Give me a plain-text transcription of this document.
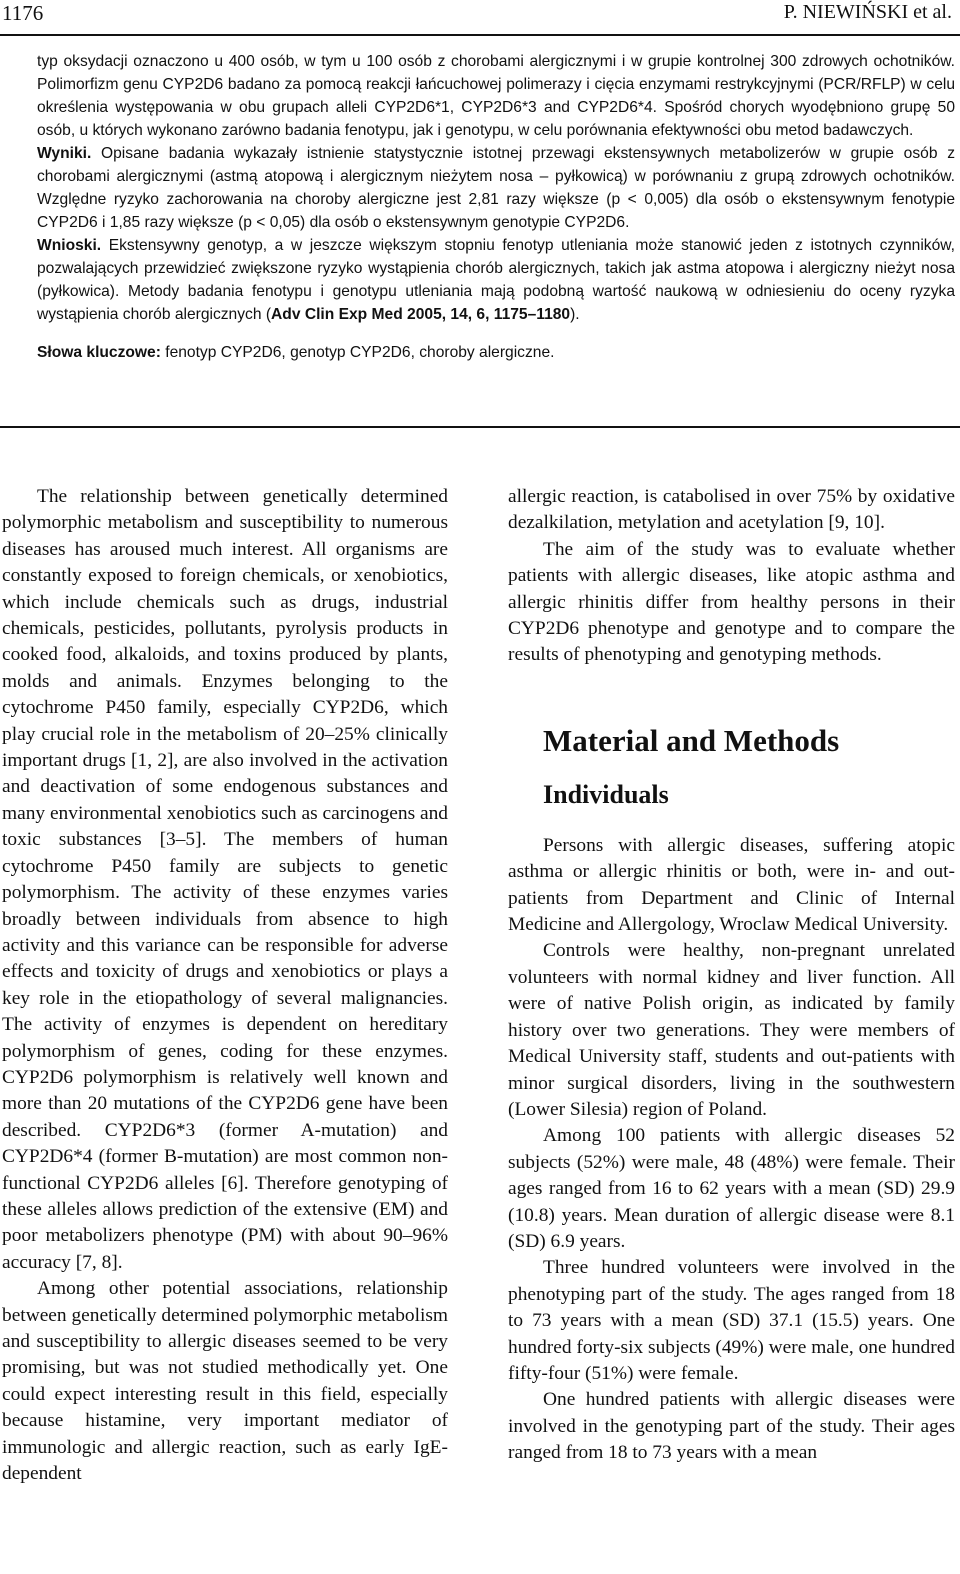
1176	P. NIEWIŃSKI et al.

typ oksydacji oznaczono u 400 osób, w tym u 100 osób z chorobami alergicznymi i w grupie kontrolnej 300 zdrowych ochotników. Polimorfizm genu CYP2D6 badano za pomocą reakcji łańcuchowej polimerazy i cięcia enzymami restrykcyjnymi (PCR/RFLP) w celu określenia występowania w obu grupach alleli CYP2D6*1, CYP2D6*3 and CYP2D6*4. Spośród chorych wyodębniono grupę 50 osób, u których wykonano zarówno badania fenotypu, jak i genotypu, w celu porównania efektywności obu metod badawczych.

Wyniki. Opisane badania wykazały istnienie statystycznie istotnej przewagi ekstensywnych metabolizerów w grupie osób z chorobami alergicznymi (astmą atopową i alergicznym nieżytem nosa – pyłkowicą) w porównaniu z grupą zdrowych ochotników. Względne ryzyko zachorowania na choroby alergiczne jest 2,81 razy większe (p < 0,005) dla osób o ekstensywnym fenotypie CYP2D6 i 1,85 razy większe (p < 0,05) dla osób o ekstensywnym genotypie CYP2D6.

Wnioski. Ekstensywny genotyp, a w jeszcze większym stopniu fenotyp utleniania może stanowić jeden z istotnych czynników, pozwalających przewidzieć zwiększone ryzyko wystąpienia chorób alergicznych, takich jak astma atopowa i alergiczny nieżyt nosa (pyłkowica). Metody badania fenotypu i genotypu utleniania mają podobną wartość naukową w odniesieniu do oceny ryzyka wystąpienia chorób alergicznych (Adv Clin Exp Med 2005, 14, 6, 1175–1180).

Słowa kluczowe: fenotyp CYP2D6, genotyp CYP2D6, choroby alergiczne.

The relationship between genetically determined polymorphic metabolism and susceptibility to numerous diseases has aroused much interest. All organisms are constantly exposed to foreign chemicals, or xenobiotics, which include chemicals such as drugs, industrial chemicals, pesticides, pollutants, pyrolysis products in cooked food, alkaloids, and toxins produced by plants, molds and animals. Enzymes belonging to the cytochrome P450 family, especially CYP2D6, which play crucial role in the metabolism of 20–25% clinically important drugs [1, 2], are also involved in the activation and deactivation of some endogenous substances and many environmental xenobiotics such as carcinogens and toxic substances [3–5]. The members of human cytochrome P450 family are subjects to genetic polymorphism. The activity of these enzymes varies broadly between individuals from absence to high activity and this variance can be responsible for adverse effects and toxicity of drugs and xenobiotics or plays a key role in the etiopathology of several malignancies. The activity of enzymes is dependent on hereditary polymorphism of genes, coding for these enzymes. CYP2D6 polymorphism is relatively well known and more than 20 mutations of the CYP2D6 gene have been described. CYP2D6*3 (former A-mutation) and CYP2D6*4 (former B-mutation) are most common non-functional CYP2D6 alleles [6]. Therefore genotyping of these alleles allows prediction of the extensive (EM) and poor metabolizers phenotype (PM) with about 90–96% accuracy [7, 8].

Among other potential associations, relationship between genetically determined polymorphic metabolism and susceptibility to allergic diseases seemed to be very promising, but was not studied methodically yet. One could expect interesting result in this field, especially because histamine, very important mediator of immunologic and allergic reaction, such as early IgE-dependent

allergic reaction, is catabolised in over 75% by oxidative dezalkilation, metylation and acetylation [9, 10].

The aim of the study was to evaluate whether patients with allergic diseases, like atopic asthma and allergic rhinitis differ from healthy persons in their CYP2D6 phenotype and genotype and to compare the results of phenotyping and genotyping methods.

Material and Methods
Individuals

Persons with allergic diseases, suffering atopic asthma or allergic rhinitis or both, were in- and out-patients from Department and Clinic of Internal Medicine and Allergology, Wroclaw Medical University.

Controls were healthy, non-pregnant unrelated volunteers with normal kidney and liver function. All were of native Polish origin, as indicated by family history over two generations. They were members of Medical University staff, students and out-patients with minor surgical disorders, living in the southwestern (Lower Silesia) region of Poland.

Among 100 patients with allergic diseases 52 subjects (52%) were male, 48 (48%) were female. Their ages ranged from 16 to 62 years with a mean (SD) 29.9 (10.8) years. Mean duration of allergic disease were 8.1 (SD) 6.9 years.

Three hundred volunteers were involved in the phenotyping part of the study. The ages ranged from 18 to 73 years with a mean (SD) 37.1 (15.5) years. One hundred forty-six subjects (49%) were male, one hundred fifty-four (51%) were female.

One hundred patients with allergic diseases were involved in the genotyping part of the study. Their ages ranged from 18 to 73 years with a mean
